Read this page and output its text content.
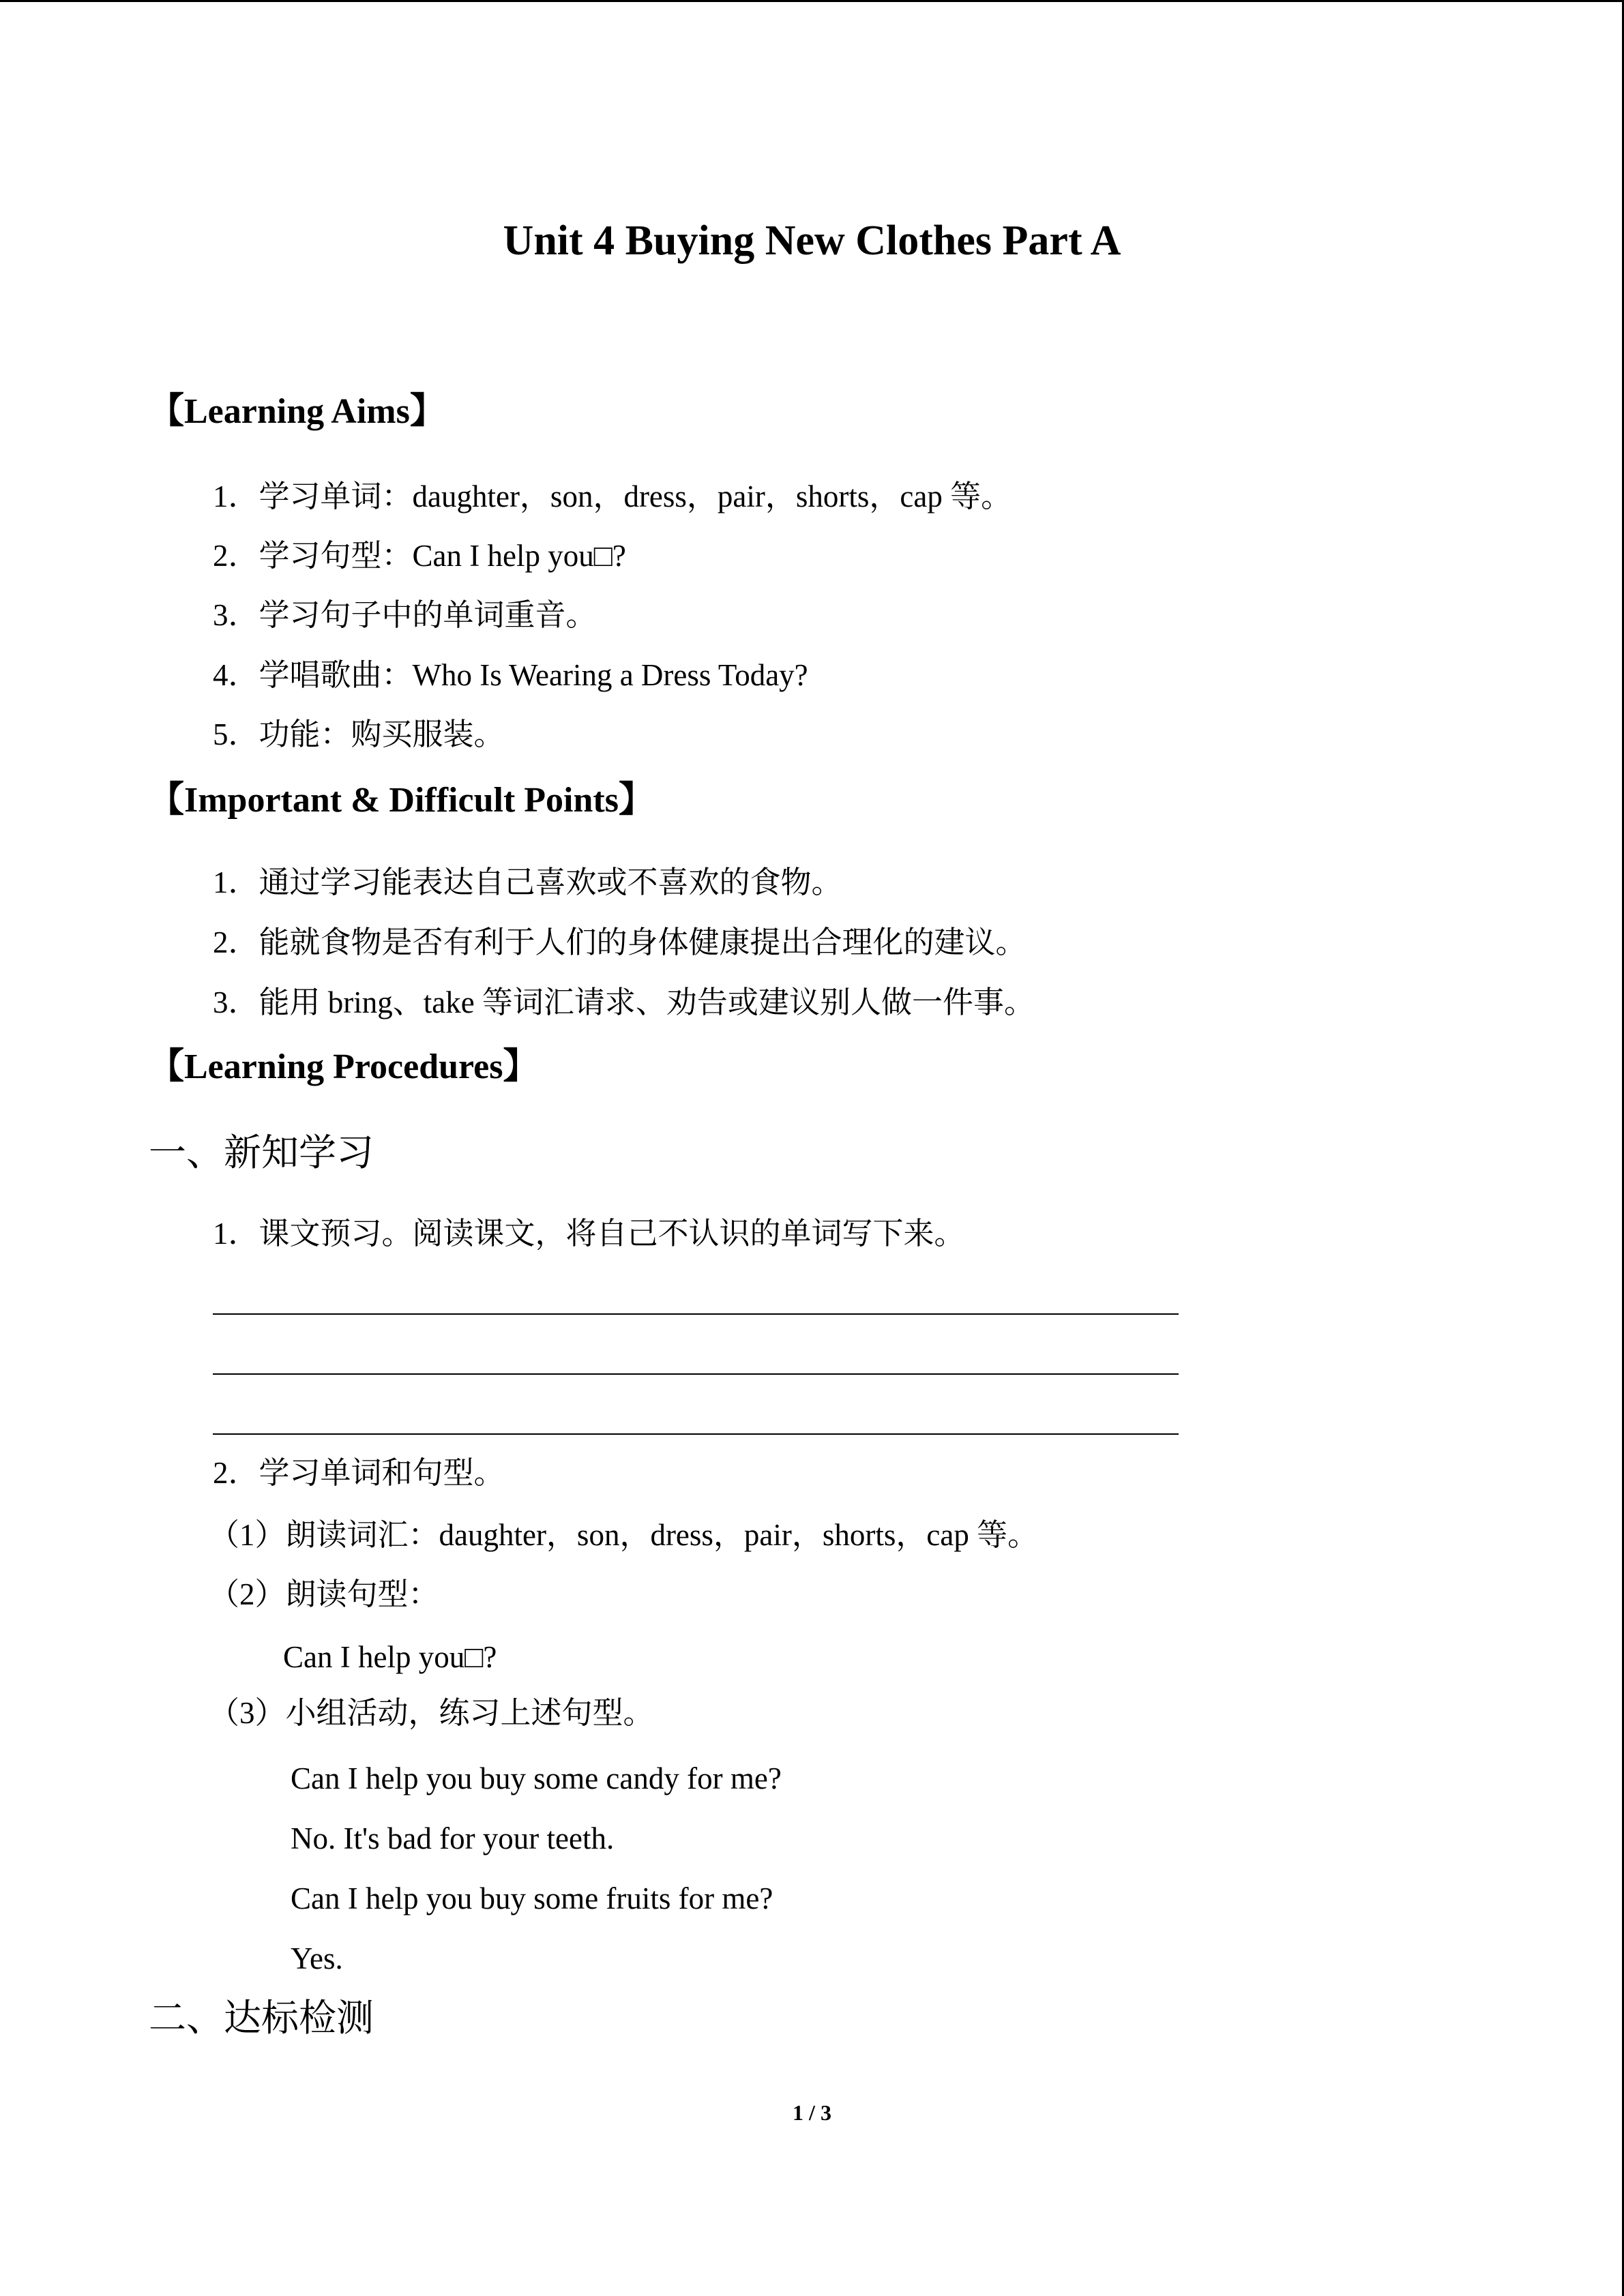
Unit 4 Buying New Clothes Part A
【Learning Aims】
1．学习单词：daughter，son，dress，pair，shorts，cap 等。
2．学习句型：Can I help you□?
3．学习句子中的单词重音。
4．学唱歌曲：Who Is Wearing a Dress Today?
5．功能：购买服装。
【Important & Difficult Points】
1．通过学习能表达自己喜欢或不喜欢的食物。
2．能就食物是否有利于人们的身体健康提出合理化的建议。
3．能用 bring、take 等词汇请求、劝告或建议别人做一件事。
【Learning Procedures】
一、新知学习
1．课文预习。阅读课文，将自己不认识的单词写下来。
2．学习单词和句型。
（1）朗读词汇：daughter，son，dress，pair，shorts，cap 等。
（2）朗读句型：
Can I help you□?
（3）小组活动，练习上述句型。
Can I help you buy some candy for me?
No. It's bad for your teeth.
Can I help you buy some fruits for me?
Yes.
二、达标检测
1 / 3
